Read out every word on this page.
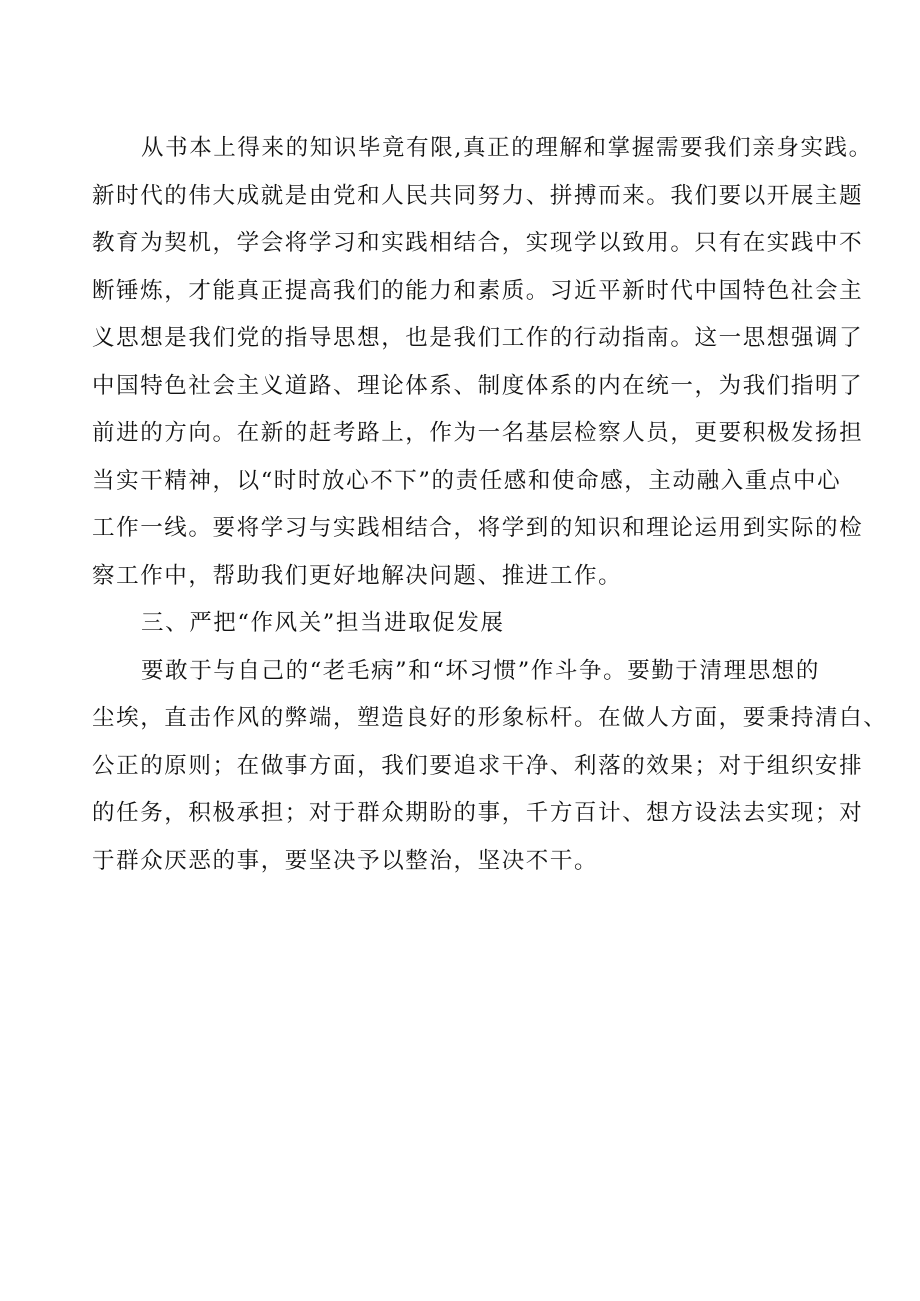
从书本上得来的知识毕竟有限,真正的理解和掌握需要我们亲身实践。
新时代的伟大成就是由党和人民共同努力、拼搏而来。我们要以开展主题
教育为契机，学会将学习和实践相结合，实现学以致用。只有在实践中不
断锤炼，才能真正提高我们的能力和素质。习近平新时代中国特色社会主
义思想是我们党的指导思想，也是我们工作的行动指南。这一思想强调了
中国特色社会主义道路、理论体系、制度体系的内在统一，为我们指明了
前进的方向。在新的赶考路上，作为一名基层检察人员，更要积极发扬担
当实干精神，以“时时放心不下”的责任感和使命感，主动融入重点中心
工作一线。要将学习与实践相结合，将学到的知识和理论运用到实际的检
察工作中，帮助我们更好地解决问题、推进工作。
三、严把“作风关”担当进取促发展
要敢于与自己的“老毛病”和“坏习惯”作斗争。要勤于清理思想的
尘埃，直击作风的弊端，塑造良好的形象标杆。在做人方面，要秉持清白、
公正的原则；在做事方面，我们要追求干净、利落的效果；对于组织安排
的任务，积极承担；对于群众期盼的事，千方百计、想方设法去实现；对
于群众厌恶的事，要坚决予以整治，坚决不干。
